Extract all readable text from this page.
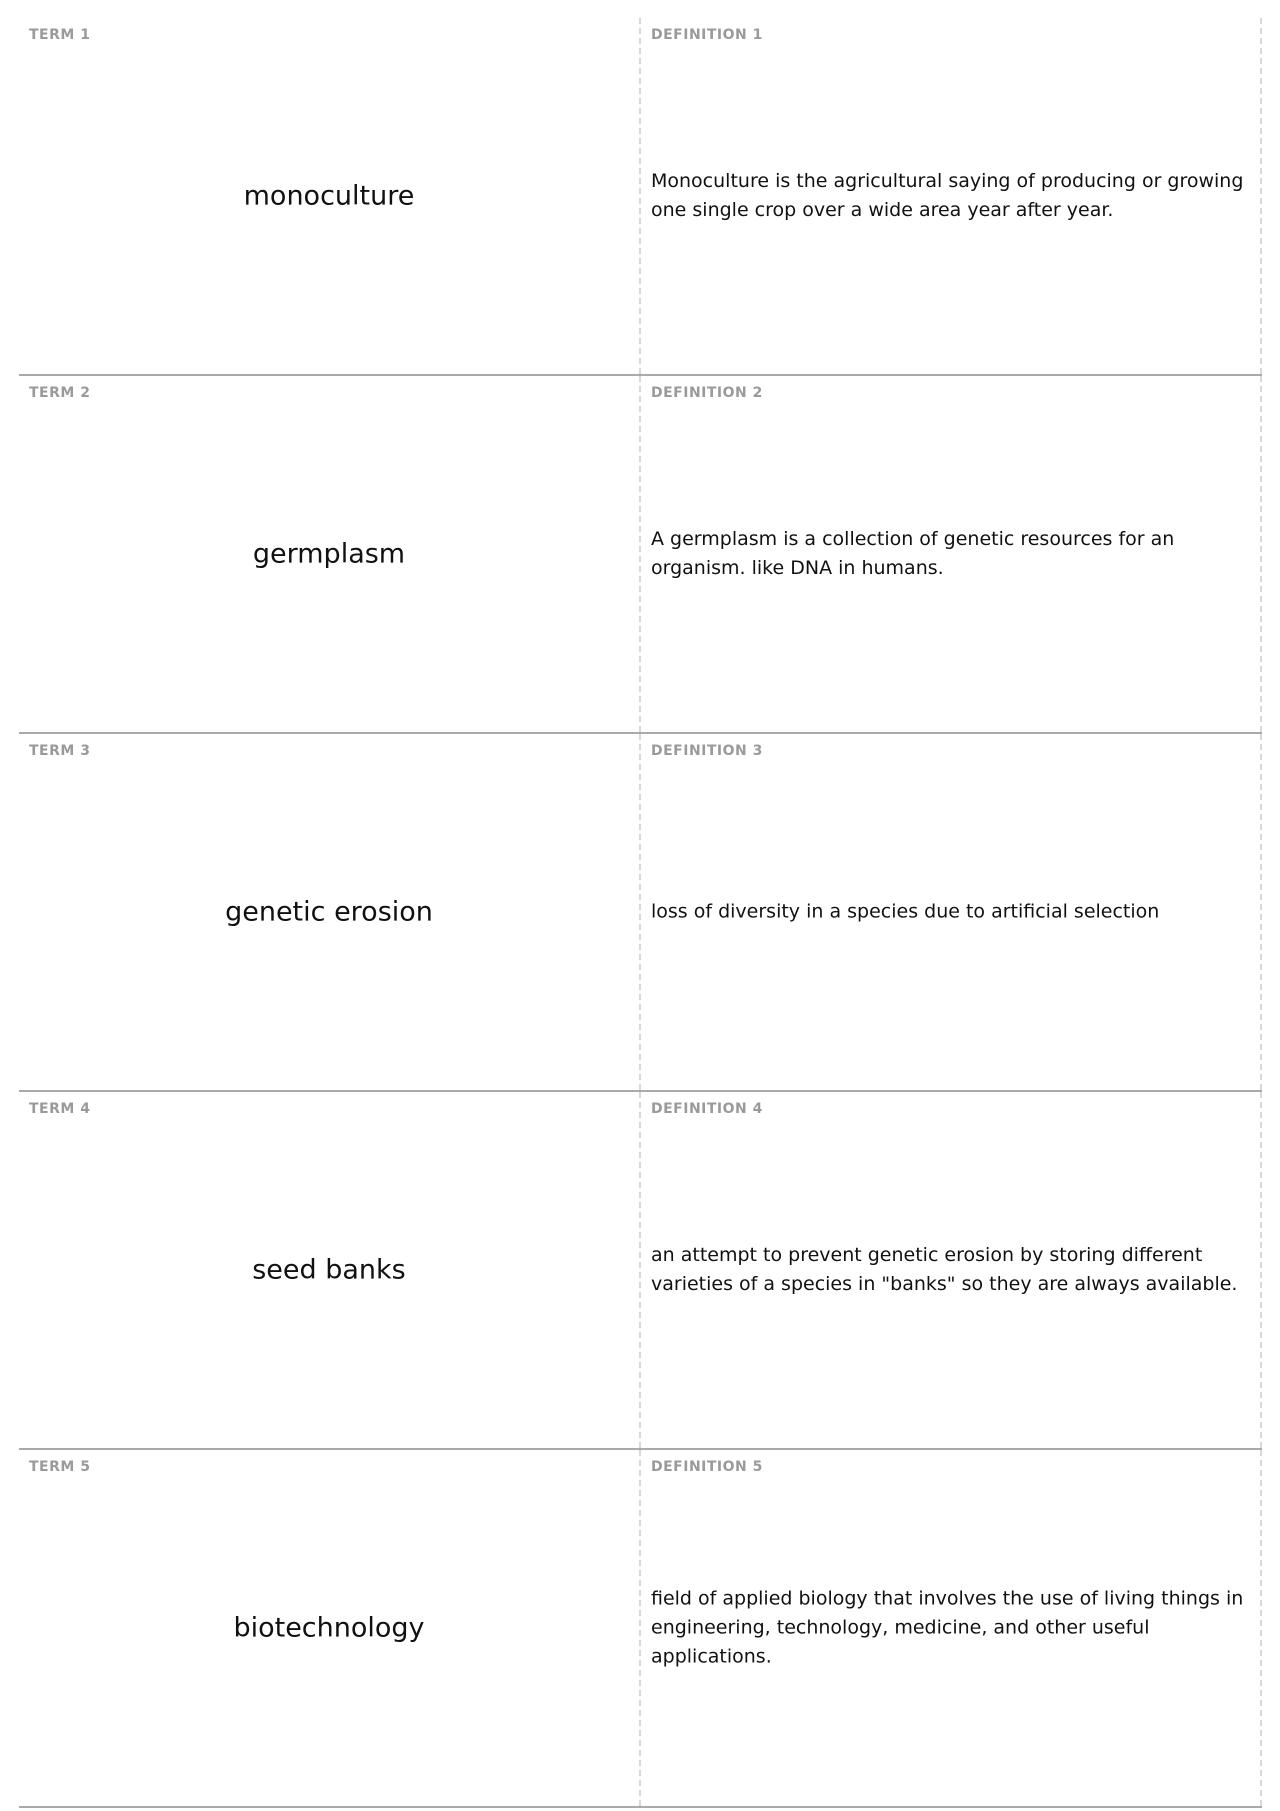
TERM 1
monoculture
DEFINITION 1
Monoculture is the agricultural saying of producing or growing one single crop over a wide area year after year.
TERM 2
germplasm
DEFINITION 2
A germplasm is a collection of genetic resources for an organism. like DNA in humans.
TERM 3
genetic erosion
DEFINITION 3
loss of diversity in a species due to artificial selection
TERM 4
seed banks
DEFINITION 4
an attempt to prevent genetic erosion by storing different varieties of a species in "banks" so they are always available.
TERM 5
biotechnology
DEFINITION 5
field of applied biology that involves the use of living things in engineering, technology, medicine, and other useful applications.
